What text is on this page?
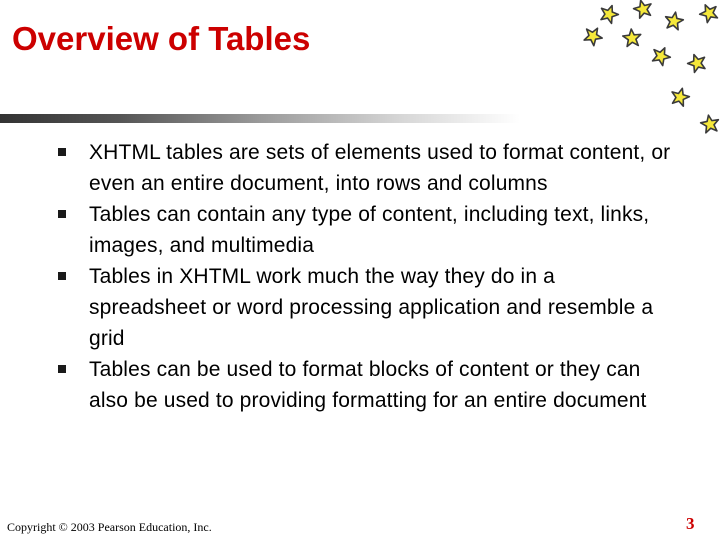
Overview of Tables
XHTML tables are sets of elements used to format content, or even an entire document, into rows and columns
Tables can contain any type of content, including text, links, images, and multimedia
Tables in XHTML work much the way they do in a spreadsheet or word processing application and resemble a grid
Tables can be used to format blocks of content or they can also be used to providing formatting for an entire document
Copyright © 2003 Pearson Education, Inc.	3
